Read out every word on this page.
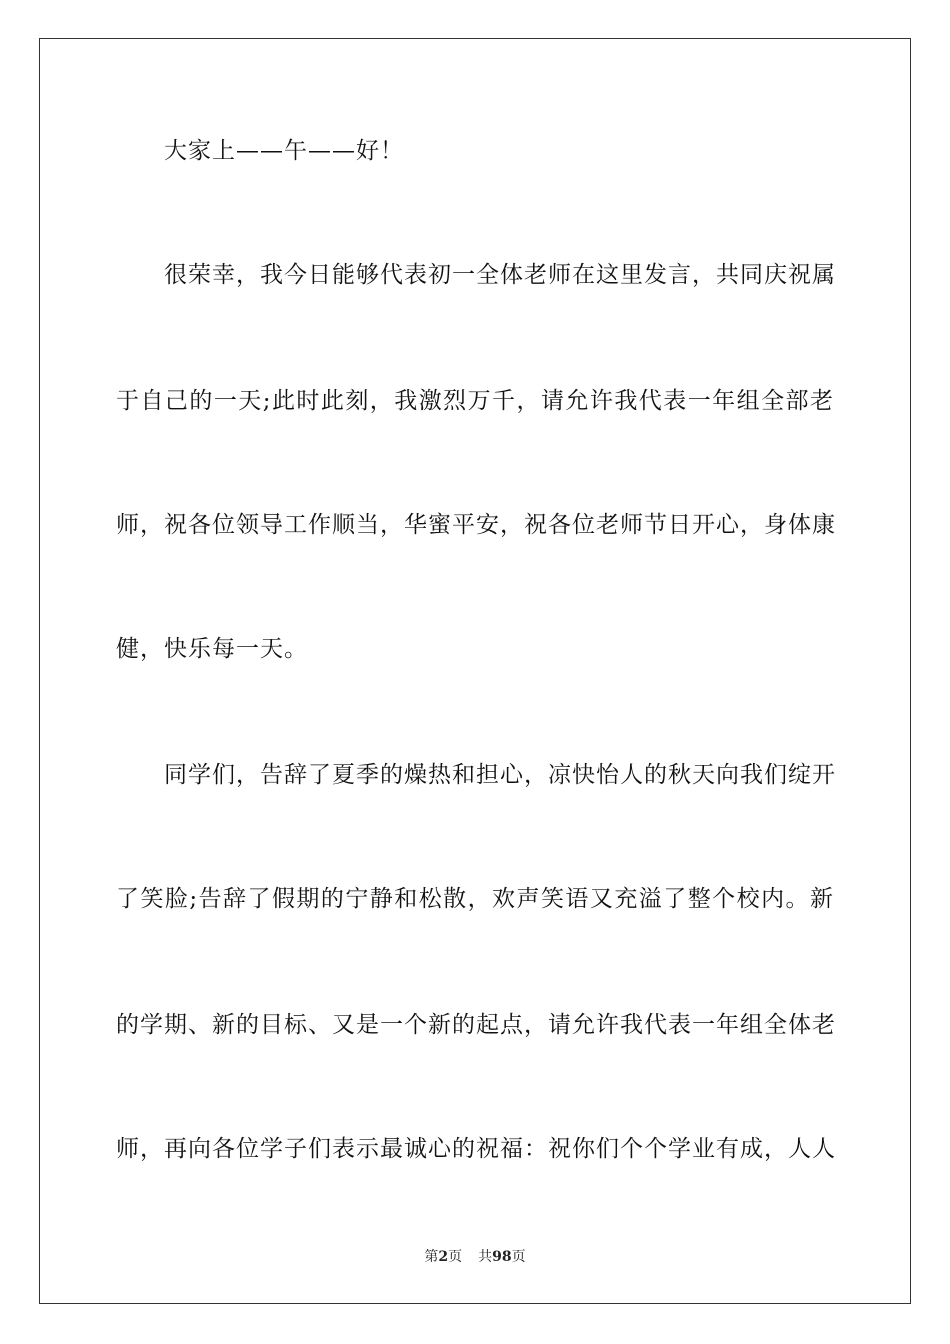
大家上——午——好！
很荣幸，我今日能够代表初一全体老师在这里发言，共同庆祝属
于自己的一天;此时此刻，我激烈万千，请允许我代表一年组全部老
师，祝各位领导工作顺当，华蜜平安，祝各位老师节日开心，身体康
健，快乐每一天。
同学们，告辞了夏季的燥热和担心，凉快怡人的秋天向我们绽开
了笑脸;告辞了假期的宁静和松散，欢声笑语又充溢了整个校内。新
的学期、新的目标、又是一个新的起点，请允许我代表一年组全体老
师，再向各位学子们表示最诚心的祝福：祝你们个个学业有成，人人
第2页 共98页
